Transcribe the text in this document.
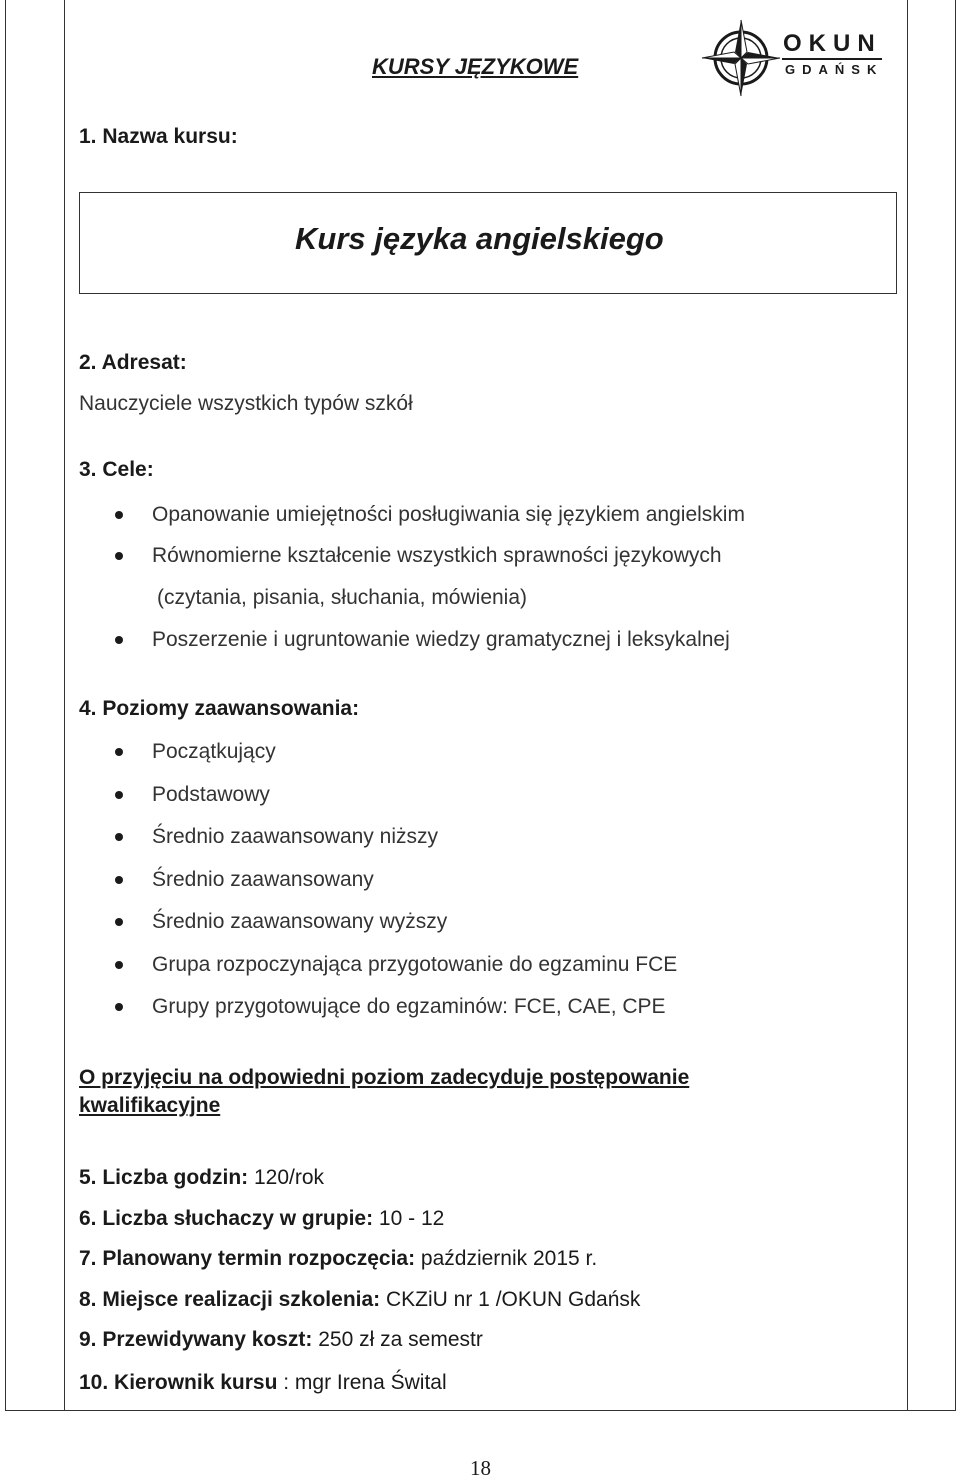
KURSY JĘZYKOWE
OKUN
GDAŃSK
1. Nazwa kursu:
Kurs języka angielskiego
2. Adresat:
Nauczyciele wszystkich typów szkół
3. Cele:
Opanowanie umiejętności posługiwania się językiem angielskim
Równomierne kształcenie wszystkich sprawności językowych
(czytania, pisania, słuchania, mówienia)
Poszerzenie i ugruntowanie wiedzy gramatycznej i leksykalnej
4. Poziomy zaawansowania:
Początkujący
Podstawowy
Średnio zaawansowany niższy
Średnio zaawansowany
Średnio zaawansowany wyższy
Grupa rozpoczynająca przygotowanie do egzaminu FCE
Grupy przygotowujące do egzaminów: FCE, CAE, CPE
O przyjęciu na odpowiedni poziom zadecyduje postępowanie
kwalifikacyjne
5. Liczba godzin: 120/rok
6. Liczba słuchaczy w grupie: 10 - 12
7. Planowany termin rozpoczęcia: październik 2015 r.
8. Miejsce realizacji szkolenia: CKZiU nr 1 /OKUN Gdańsk
9. Przewidywany koszt: 250 zł za semestr
10. Kierownik kursu : mgr Irena Śwital
18
